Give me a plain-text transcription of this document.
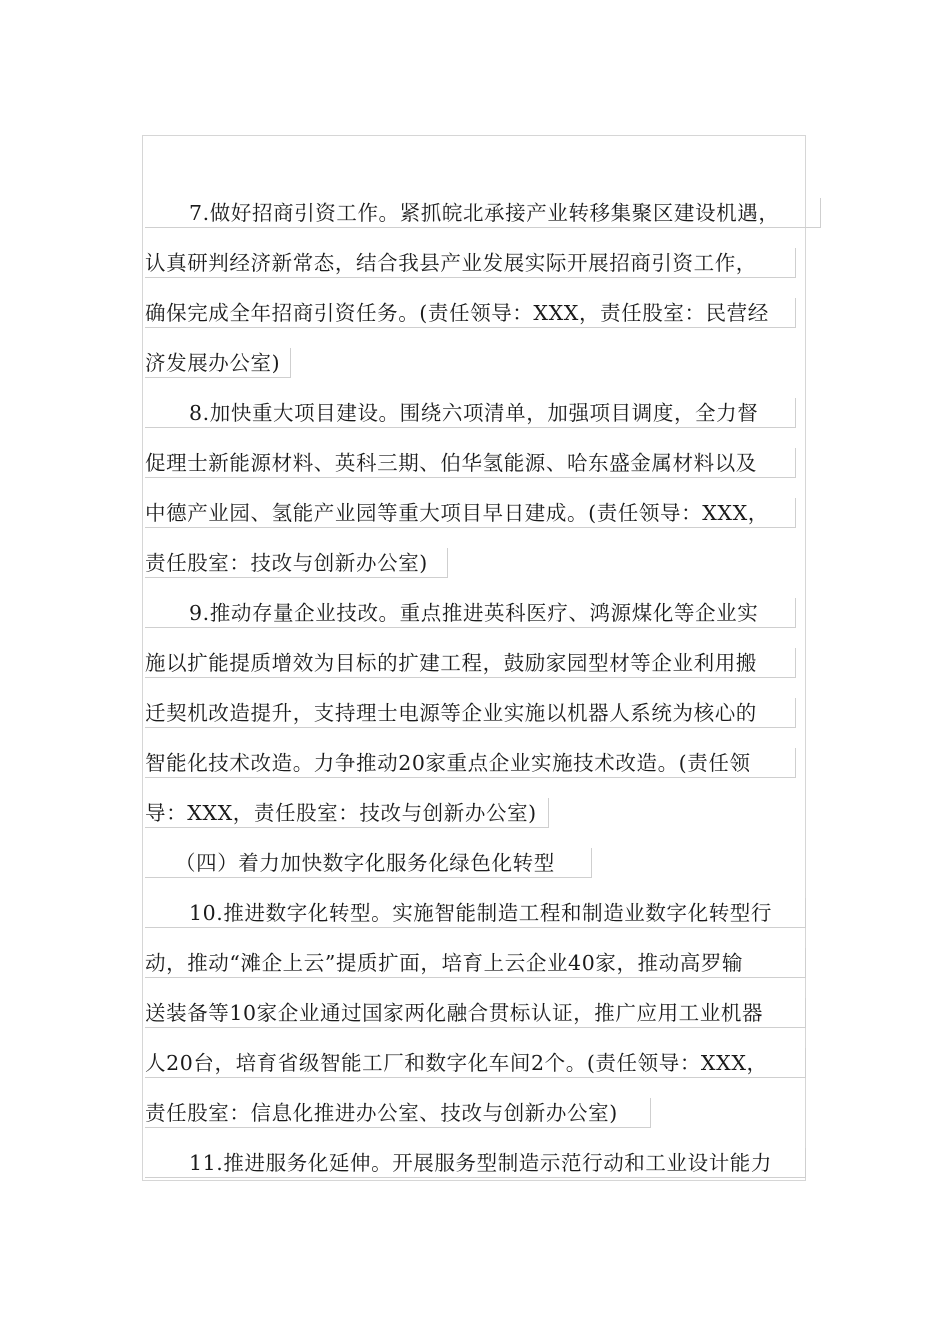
7.做好招商引资工作。紧抓皖北承接产业转移集聚区建设机遇，
认真研判经济新常态，结合我县产业发展实际开展招商引资工作，
确保完成全年招商引资任务。(责任领导：XXX，责任股室：民营经
济发展办公室)
8.加快重大项目建设。围绕六项清单，加强项目调度，全力督
促理士新能源材料、英科三期、伯华氢能源、哈东盛金属材料以及
中德产业园、氢能产业园等重大项目早日建成。(责任领导：XXX，
责任股室：技改与创新办公室)
9.推动存量企业技改。重点推进英科医疗、鸿源煤化等企业实
施以扩能提质增效为目标的扩建工程，鼓励家园型材等企业利用搬
迁契机改造提升，支持理士电源等企业实施以机器人系统为核心的
智能化技术改造。力争推动20家重点企业实施技术改造。(责任领
导：XXX，责任股室：技改与创新办公室)
（四）着力加快数字化服务化绿色化转型
10.推进数字化转型。实施智能制造工程和制造业数字化转型行
动，推动“滩企上云”提质扩面，培育上云企业40家，推动高罗输
送装备等10家企业通过国家两化融合贯标认证，推广应用工业机器
人20台，培育省级智能工厂和数字化车间2个。(责任领导：XXX，
责任股室：信息化推进办公室、技改与创新办公室)
11.推进服务化延伸。开展服务型制造示范行动和工业设计能力
